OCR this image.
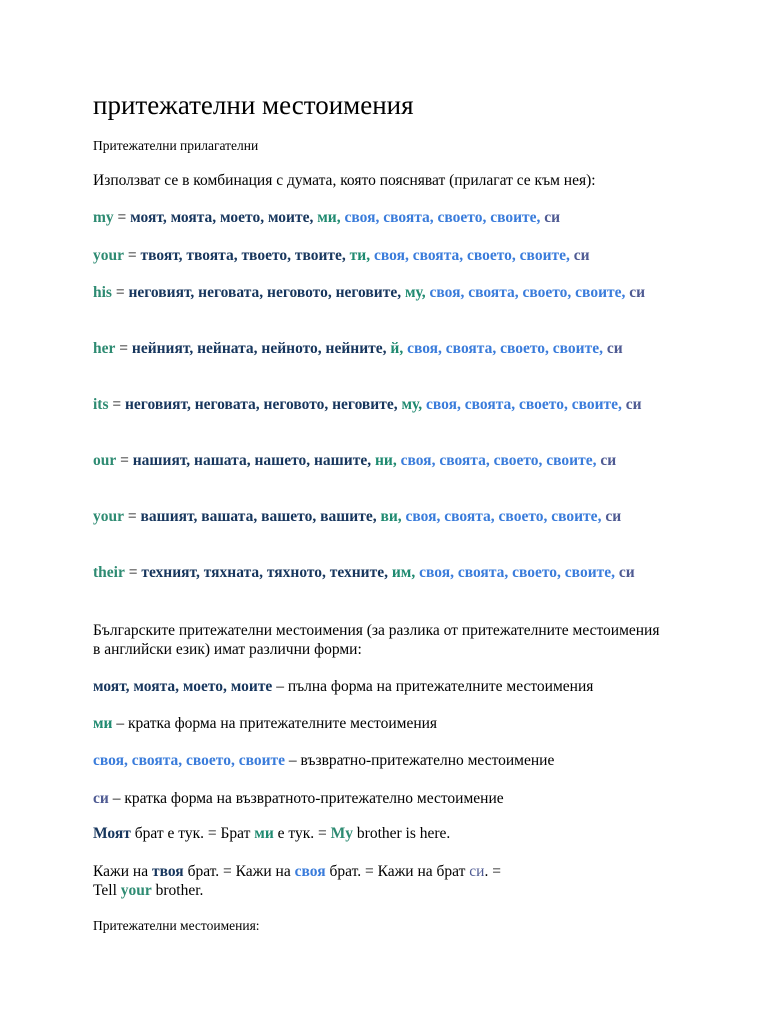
притежателни местоимения
Притежателни прилагателни
Използват се в комбинация с думата, която поясняват (прилагат се към нея):
my = моят, моята, моето, моите, ми, своя, своята, своето, своите, си
your = твоят, твоята, твоето, твоите, ти, своя, своята, своето, своите, си
his = неговият, неговата, неговото, неговите, му, своя, своята, своето, своите, си
her = нейният, нейната, нейното, нейните, й, своя, своята, своето, своите, си
its = неговият, неговата, неговото, неговите, му, своя, своята, своето, своите, си
our = нашият, нашата, нашето, нашите, ни, своя, своята, своето, своите, си
your = вашият, вашата, вашето, вашите, ви, своя, своята, своето, своите, си
their = техният, тяхната, тяхното, техните, им, своя, своята, своето, своите, си
Българските притежателни местоимения (за разлика от притежателните местоимения в английски език) имат различни форми:
моят, моята, моето, моите – пълна форма на притежателните местоимения
ми – кратка форма на притежателните местоимения
своя, своята, своето, своите – възвратно-притежателно местоимение
си – кратка форма на възвратното-притежателно местоимение
Моят брат е тук. = Брат ми е тук. = My brother is here.
Кажи на твоя брат. = Кажи на своя брат. = Кажи на брат си. =
Tell your brother.
Притежателни местоимения:
